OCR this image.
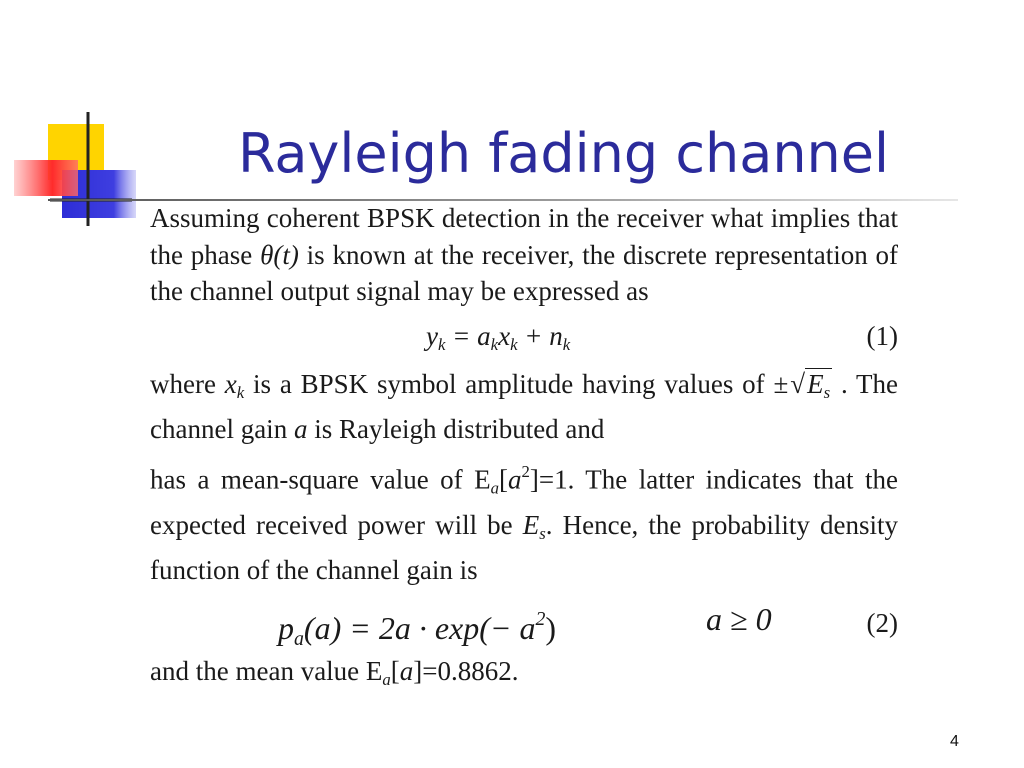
Rayleigh fading channel

Assuming coherent BPSK detection in the receiver what implies that the phase θ(t) is known at the receiver, the discrete representation of the channel output signal may be expressed as

$y_k = a_kx_k + n_k$	(1)

where $x_k$ is a BPSK symbol amplitude having values of $\pm√E_s$ . The channel gain a is Rayleigh distributed and

has a mean-square value of $E_a[a^2]=1$. The latter indicates that the expected received power will be $E_s$. Hence, the probability density function of the channel gain is

$p_a(a) = 2a \cdot \exp(- a^2)$	a ≥ 0	(2)

and the mean value $E_a[a]=0.8862$.

4
